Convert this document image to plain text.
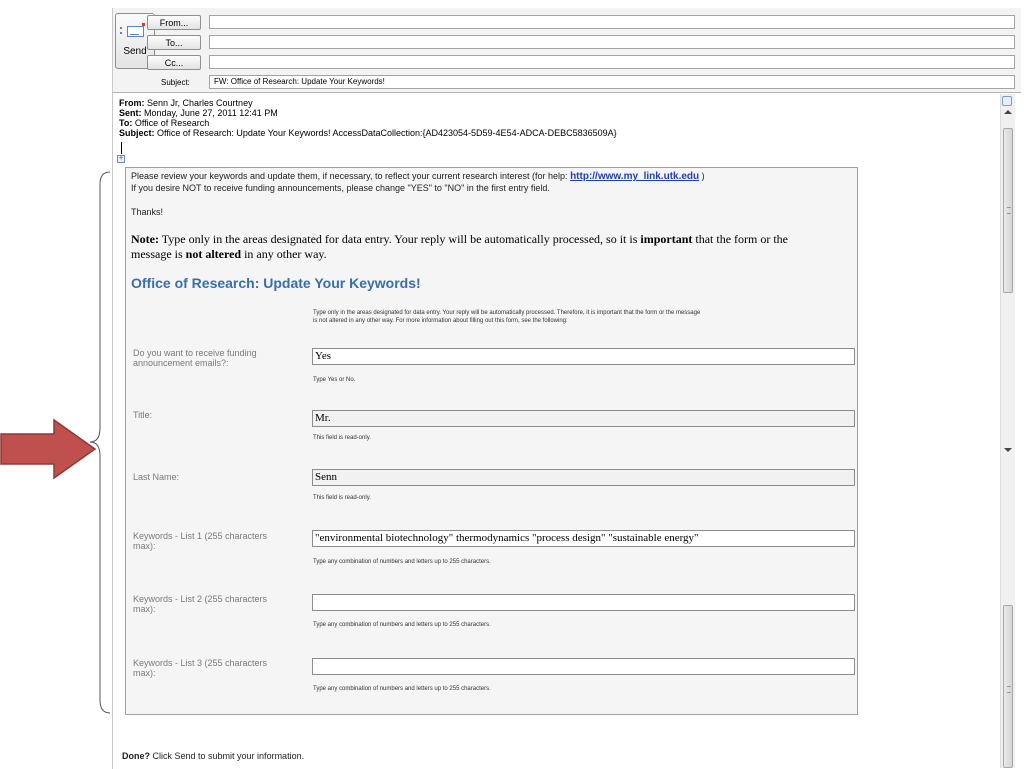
Send
From...
To...
Cc...
Subject:	FW: Office of Research: Update Your Keywords!
From: Senn Jr, Charles Courtney
Sent: Monday, June 27, 2011 12:41 PM
To: Office of Research
Subject: Office of Research: Update Your Keywords! AccessDataCollection:{AD423054-5D59-4E54-ADCA-DEBC5836509A}
+
Please review your keywords and update them, if necessary, to reflect your current research interest (for help: http://www.my_link.utk.edu )
If you desire NOT to receive funding announcements, please change "YES" to "NO" in the first entry field.
Thanks!
Note: Type only in the areas designated for data entry. Your reply will be automatically processed, so it is important that the form or the
message is not altered in any other way.
Office of Research: Update Your Keywords!
Type only in the areas designated for data entry. Your reply will be automatically processed. Therefore, it is important that the form or the message
is not altered in any other way. For more information about filling out this form, see the following:
Do you want to receive funding
announcement emails?:
Yes
Type Yes or No.
Title:	Mr.
This field is read-only.
Last Name:	Senn
This field is read-only.
Keywords - List 1 (255 characters
max):
"environmental biotechnology" thermodynamics "process design" "sustainable energy"
Type any combination of numbers and letters up to 255 characters.
Keywords - List 2 (255 characters
max):
Type any combination of numbers and letters up to 255 characters.
Keywords - List 3 (255 characters
max):
Type any combination of numbers and letters up to 255 characters.
Done? Click Send to submit your information.
